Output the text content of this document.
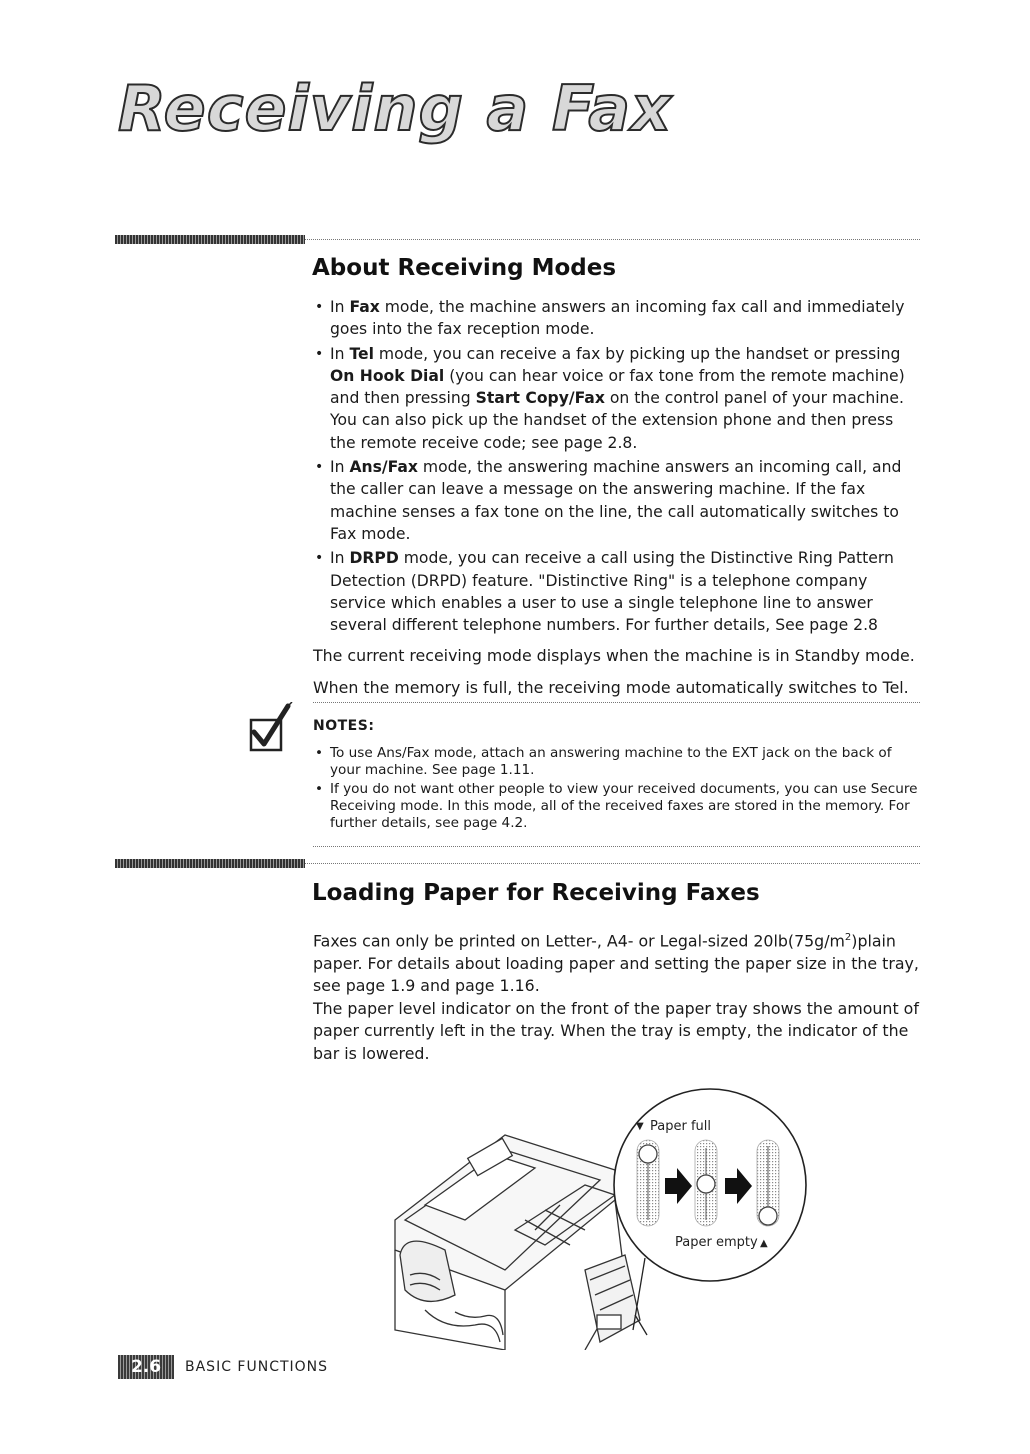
Receiving a Fax
About Receiving Modes
• In Fax mode, the machine answers an incoming fax call and immediately goes into the fax reception mode.
• In Tel mode, you can receive a fax by picking up the handset or pressing On Hook Dial (you can hear voice or fax tone from the remote machine) and then pressing Start Copy/Fax on the control panel of your machine. You can also pick up the handset of the extension phone and then press the remote receive code; see page 2.8.
• In Ans/Fax mode, the answering machine answers an incoming call, and the caller can leave a message on the answering machine. If the fax machine senses a fax tone on the line, the call automatically switches to Fax mode.
• In DRPD mode, you can receive a call using the Distinctive Ring Pattern Detection (DRPD) feature. "Distinctive Ring" is a telephone company service which enables a user to use a single telephone line to answer several different telephone numbers. For further details, See page 2.8

The current receiving mode displays when the machine is in Standby mode.

When the memory is full, the receiving mode automatically switches to Tel.

NOTES:
• To use Ans/Fax mode, attach an answering machine to the EXT jack on the back of your machine. See page 1.11.
• If you do not want other people to view your received documents, you can use Secure Receiving mode. In this mode, all of the received faxes are stored in the memory. For further details, see page 4.2.
Loading Paper for Receiving Faxes

Faxes can only be printed on Letter-, A4- or Legal-sized $20lb(75g/m^2)plain$ paper. For details about loading paper and setting the paper size in the tray, see page 1.9 and page 1.16.

The paper level indicator on the front of the paper tray shows the amount of paper currently left in the tray. When the tray is empty, the indicator of the bar is lowered.

▼ Paper full
Paper empty ▲
2.6	BASIC FUNCTIONS
